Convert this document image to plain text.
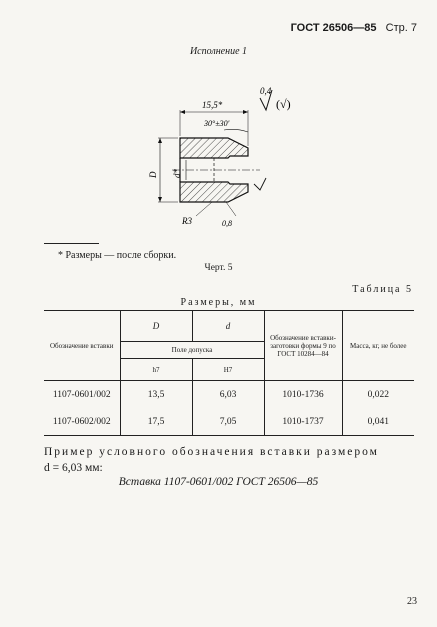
ГОСТ 26506—85 Стр. 7
Исполнение 1
15,5*
30°±30'
D d*
R3	0,8
0,4
(√)
* Размеры — после сборки.
Черт. 5
Таблица 5
Размеры, мм
Обозначение вставки	D	d	Обозначение вставки-заготовки формы 9 по ГОСТ 10284—84	Масса, кг, не более
	Поле допуска			
	h7	H7		
1107-0601/002	13,5	6,03	1010-1736	0,022
1107-0602/002	17,5	7,05	1010-1737	0,041
Пример условного обозначения вставки размером
d = 6,03 мм:
Вставка 1107-0601/002 ГОСТ 26506—85
23
